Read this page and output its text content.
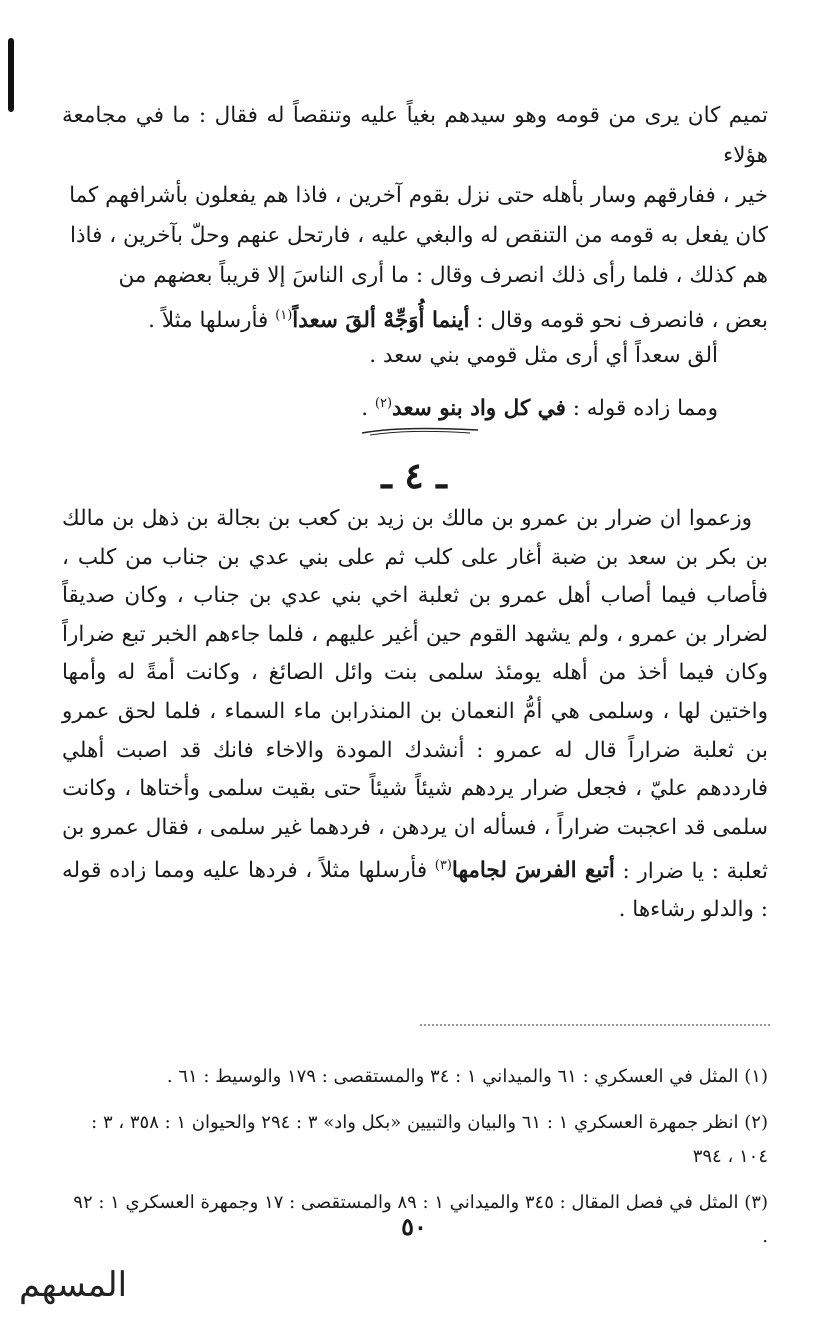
تميم كان يرى من قومه وهو سيدهم بغياً عليه وتنقصاً له فقال : ما في مجامعة هؤلاء
خير ، ففارقهم وسار بأهله حتى نزل بقوم آخرين ، فاذا هم يفعلون بأشرافهم كما
كان يفعل به قومه من التنقص له والبغي عليه ، فارتحل عنهم وحلّ بآخرين ، فاذا
هم كذلك ، فلما رأى ذلك انصرف وقال : ما أرى الناسَ إلا قريباً بعضهم من
بعض ، فانصرف نحو قومه وقال : أينما أُوَجِّهْ ألقَ سعداً$^{(١)}$ فأرسلها مثلاً .
ألق سعداً أي أرى مثل قومي بني سعد .
ومما زاده قوله : في كل واد بنو سعد$^{(٢)}$ .
ـ ٤ ـ
وزعموا ان ضرار بن عمرو بن مالك بن زيد بن كعب بن بجالة بن ذهل بن مالك بن بكر بن سعد بن ضبة أغار على كلب ثم على بني عدي بن جناب من كلب ، فأصاب فيما أصاب أهل عمرو بن ثعلبة اخي بني عدي بن جناب ، وكان صديقاً لضرار بن عمرو ، ولم يشهد القوم حين أغير عليهم ، فلما جاءهم الخبر تبع ضراراً وكان فيما أخذ من أهله يومئذ سلمى بنت وائل الصائغ ، وكانت أمةً له وأمها واختين لها ، وسلمى هي أمُّ النعمان بن المنذرابن ماء السماء ، فلما لحق عمرو بن ثعلبة ضراراً قال له عمرو : أنشدك المودة والاخاء فانك قد اصبت أهلي فارددهم عليّ ، فجعل ضرار يردهم شيئاً شيئاً حتى بقيت سلمى وأختاها ، وكانت سلمى قد اعجبت ضراراً ، فسأله ان يردهن ، فردهما غير سلمى ، فقال عمرو بن ثعلبة : يا ضرار : أتبع الفرسَ لجامها$^{(٣)}$ فأرسلها مثلاً ، فردها عليه ومما زاده قوله : والدلو رشاءها .

(١) المثل في العسكري : ٦١ والميداني ١ : ٣٤ والمستقصى : ١٧٩ والوسيط : ٦١ .

(٢) انظر جمهرة العسكري ١ : ٦١ والبيان والتبيين «بكل واد» ٣ : ٢٩٤ والحيوان ١ : ٣٥٨ ، ٣ : ١٠٤ ، ٣٩٤

(٣) المثل في فصل المقال : ٣٤٥ والميداني ١ : ٨٩ والمستقصى : ١٧ وجمهرة العسكري ١ : ٩٢ .

٥٠
المسهم
